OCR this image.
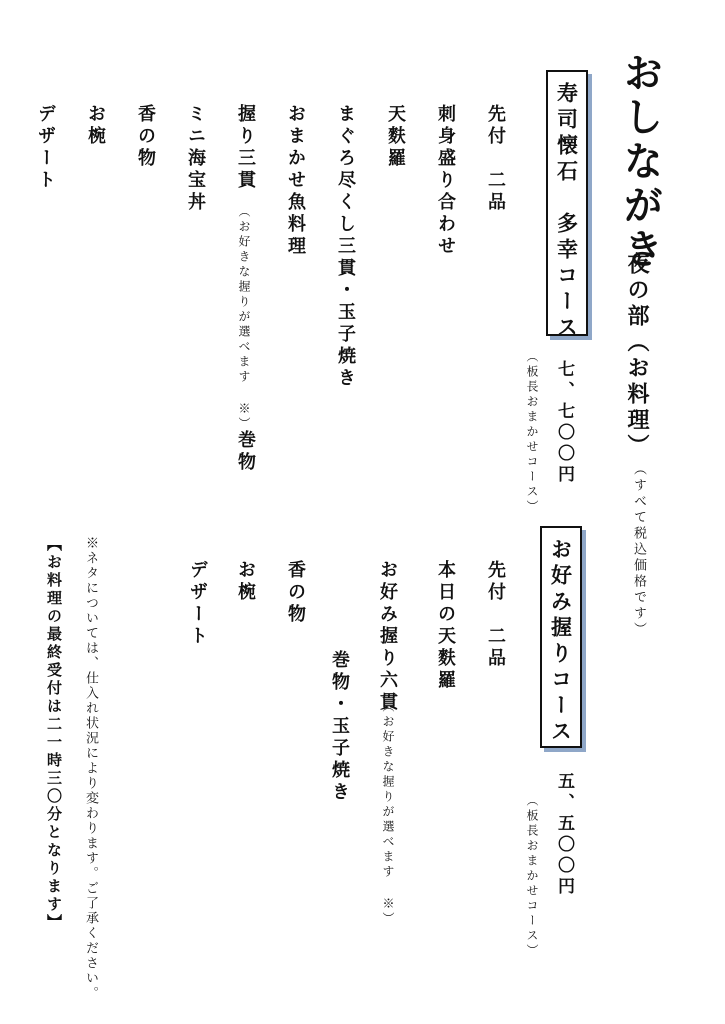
おしながき
夜の部（お料理）
（すべて税込価格です）
寿司懐石　多幸コース
七、七〇〇円
（板長おまかせコース）
先付　二品
刺身盛り合わせ
天麩羅
まぐろ尽くし三貫・玉子焼き
おまかせ魚料理
握り三貫
（お好きな握りが選べます ※）
巻物
ミニ海宝丼
香の物
お椀
デザート
お好み握りコース
五、五〇〇円
（板長おまかせコース）
先付　二品
本日の天麩羅
お好み握り六貫
（お好きな握りが選べます ※）
巻物・玉子焼き
香の物
お椀
デザート
※ネタについては、仕入れ状況により変わります。ご了承ください。
【お料理の最終受付は二一時三〇分となります】
